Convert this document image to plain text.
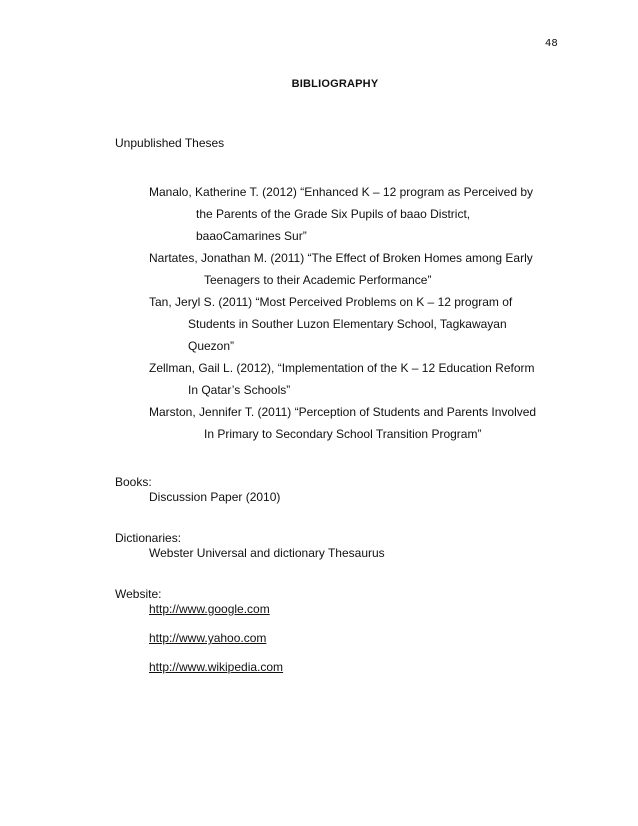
48
BIBLIOGRAPHY
Unpublished Theses
Manalo, Katherine T. (2012) “Enhanced K – 12 program as Perceived by
the Parents of the Grade Six Pupils of baao District,
baaoCamarines Sur”
Nartates, Jonathan M. (2011) “The Effect of Broken Homes among Early
Teenagers to their Academic Performance”
Tan, Jeryl S. (2011) “Most Perceived Problems on K – 12 program of
Students in Souther Luzon Elementary School, Tagkawayan
Quezon”
Zellman, Gail L. (2012), “Implementation of the K – 12 Education Reform
In Qatar’s Schools”
Marston, Jennifer T. (2011) “Perception of Students and Parents Involved
In Primary to Secondary School Transition Program”
Books:
Discussion Paper (2010)
Dictionaries:
Webster Universal and dictionary Thesaurus
Website:
http://www.google.com
http://www.yahoo.com
http://www.wikipedia.com
